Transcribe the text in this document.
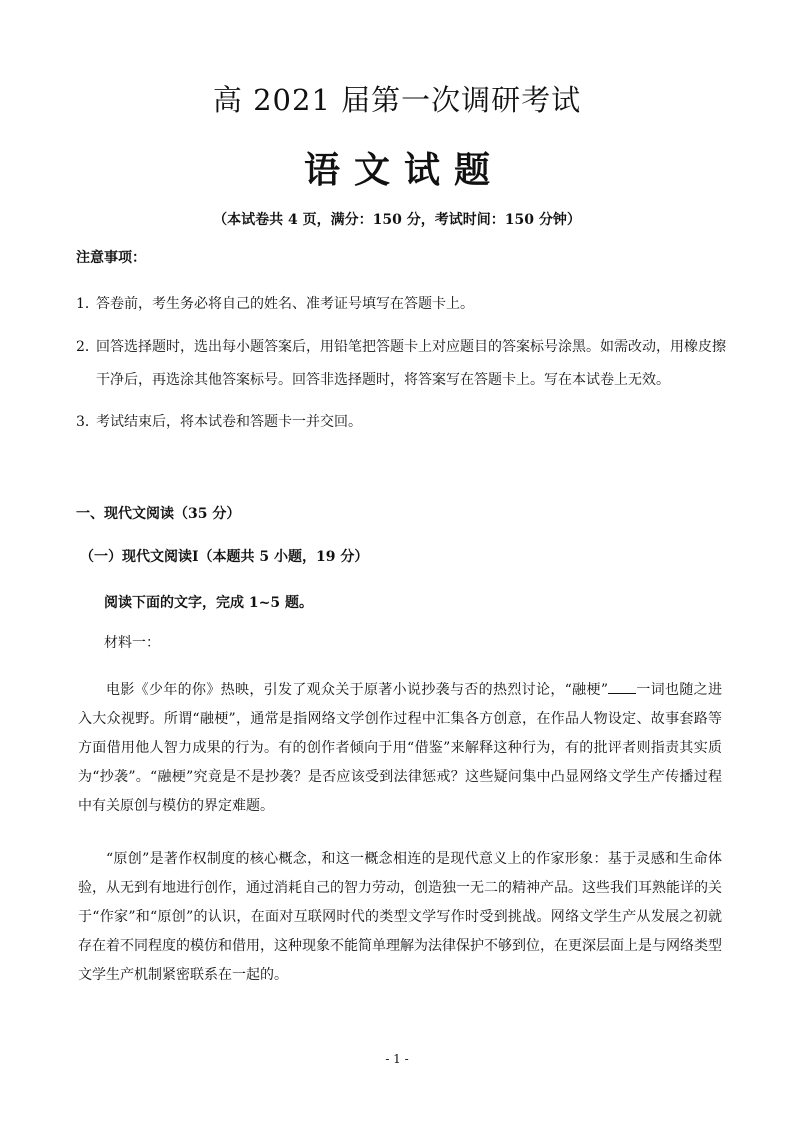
高 2021 届第一次调研考试
语文试题
（本试卷共 4 页，满分：150 分，考试时间：150 分钟）
注意事项：
1．答卷前，考生务必将自己的姓名、准考证号填写在答题卡上。
2．回答选择题时，选出每小题答案后，用铅笔把答题卡上对应题目的答案标号涂黑。如需改动，用橡皮擦
干净后，再选涂其他答案标号。回答非选择题时，将答案写在答题卡上。写在本试卷上无效。
3．考试结束后，将本试卷和答题卡一并交回。
一、现代文阅读（35 分）
（一）现代文阅读Ⅰ（本题共 5 小题，19 分）
阅读下面的文字，完成 1~5 题。
材料一：
电影《少年的你》热映，引发了观众关于原著小说抄袭与否的热烈讨论，“融梗” 一词也随之进入大众视野。所谓“融梗”，通常是指网络文学创作过程中汇集各方创意，在作品人物设定、故事套路等方面借用他人智力成果的行为。有的创作者倾向于用“借鉴”来解释这种行为，有的批评者则指责其实质为“抄袭”。“融梗”究竟是不是抄袭？是否应该受到法律惩戒？这些疑问集中凸显网络文学生产传播过程中有关原创与模仿的界定难题。
“原创”是著作权制度的核心概念，和这一概念相连的是现代意义上的作家形象：基于灵感和生命体验，从无到有地进行创作，通过消耗自己的智力劳动，创造独一无二的精神产品。这些我们耳熟能详的关于“作家”和“原创”的认识，在面对互联网时代的类型文学写作时受到挑战。网络文学生产从发展之初就存在着不同程度的模仿和借用，这种现象不能简单理解为法律保护不够到位，在更深层面上是与网络类型文学生产机制紧密联系在一起的。
- 1 -
